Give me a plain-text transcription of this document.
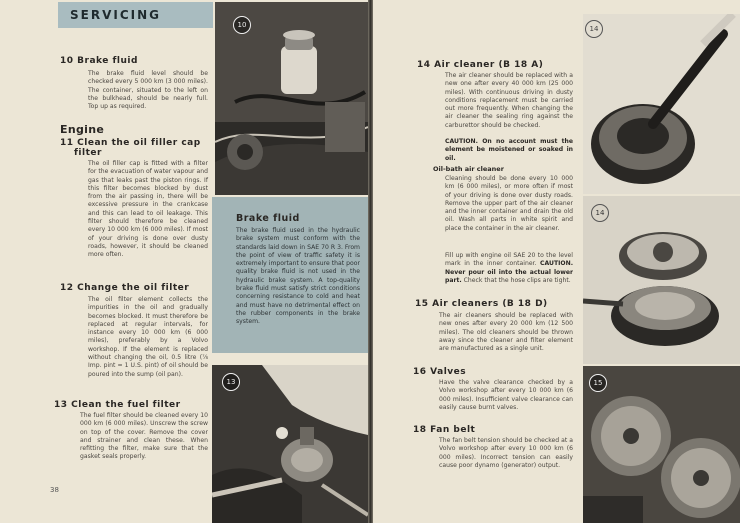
SERVICING
10 Brake fluid
The brake fluid level should be checked every 5 000 km (3 000 miles). The container, situated to the left on the bulkhead, should be nearly full. Top up as required.
Engine
11 Clean the oil filler cap
filter
The oil filler cap is fitted with a filter for the evacuation of water vapour and gas that leaks past the piston rings. If this filter becomes blocked by dust from the air passing in, there will be excessive pressure in the crankcase and this can lead to oil leakage. This filter should therefore be cleaned every 10 000 km (6 000 miles). If most of your driving is done over dusty roads, however, it should be cleaned more often.
12 Change the oil filter
The oil filter element collects the impurities in the oil and gradually becomes blocked. It must therefore be replaced at regular intervals, for instance every 10 000 km (6 000 miles), preferably by a Volvo workshop. If the element is replaced without changing the oil, 0.5 litre (⅞ Imp. pint = 1 U.S. pint) of oil should be poured into the sump (oil pan).
13 Clean the fuel filter
The fuel filter should be cleaned every 10 000 km (6 000 miles). Unscrew the screw on top of the cover. Remove the cover and strainer and clean these. When refitting the filter, make sure that the gasket seals properly.
38
10
Brake fluid
The brake fluid used in the hydraulic brake system must conform with the standards laid down in SAE 70 R 3. From the point of view of traffic safety it is extremely important to ensure that poor quality brake fluid is not used in the hydraulic brake system. A top-quality brake fluid must satisfy strict conditions concerning resistance to cold and heat and must have no detrimental effect on the rubber components in the brake system.
13
14 Air cleaner (B 18 A)
The air cleaner should be replaced with a new one after every 40 000 km (25 000 miles). With continuous driving in dusty conditions replacement must be carried out more frequently. When changing the air cleaner the sealing ring against the carburettor should be checked.
CAUTION. On no account must the element be moistened or soaked in oil.
Oil-bath air cleaner
Cleaning should be done every 10 000 km (6 000 miles), or more often if most of your driving is done over dusty roads. Remove the upper part of the air cleaner and the inner container and drain the old oil. Wash all parts in white spirit and place the container in the air cleaner.
Fill up with engine oil SAE 20 to the level mark in the inner container. CAUTION. Never pour oil into the actual lower part. Check that the hose clips are tight.
15 Air cleaners (B 18 D)
The air cleaners should be replaced with new ones after every 20 000 km (12 500 miles). The old cleaners should be thrown away since the cleaner and filter element are manufactured as a single unit.
16 Valves
Have the valve clearance checked by a Volvo workshop after every 10 000 km (6 000 miles). Insufficient valve clearance can easily cause burnt valves.
18 Fan belt
The fan belt tension should be checked at a Volvo workshop after every 10 000 km (6 000 miles). Incorrect tension can easily cause poor dynamo (generator) output.
14
14
15
